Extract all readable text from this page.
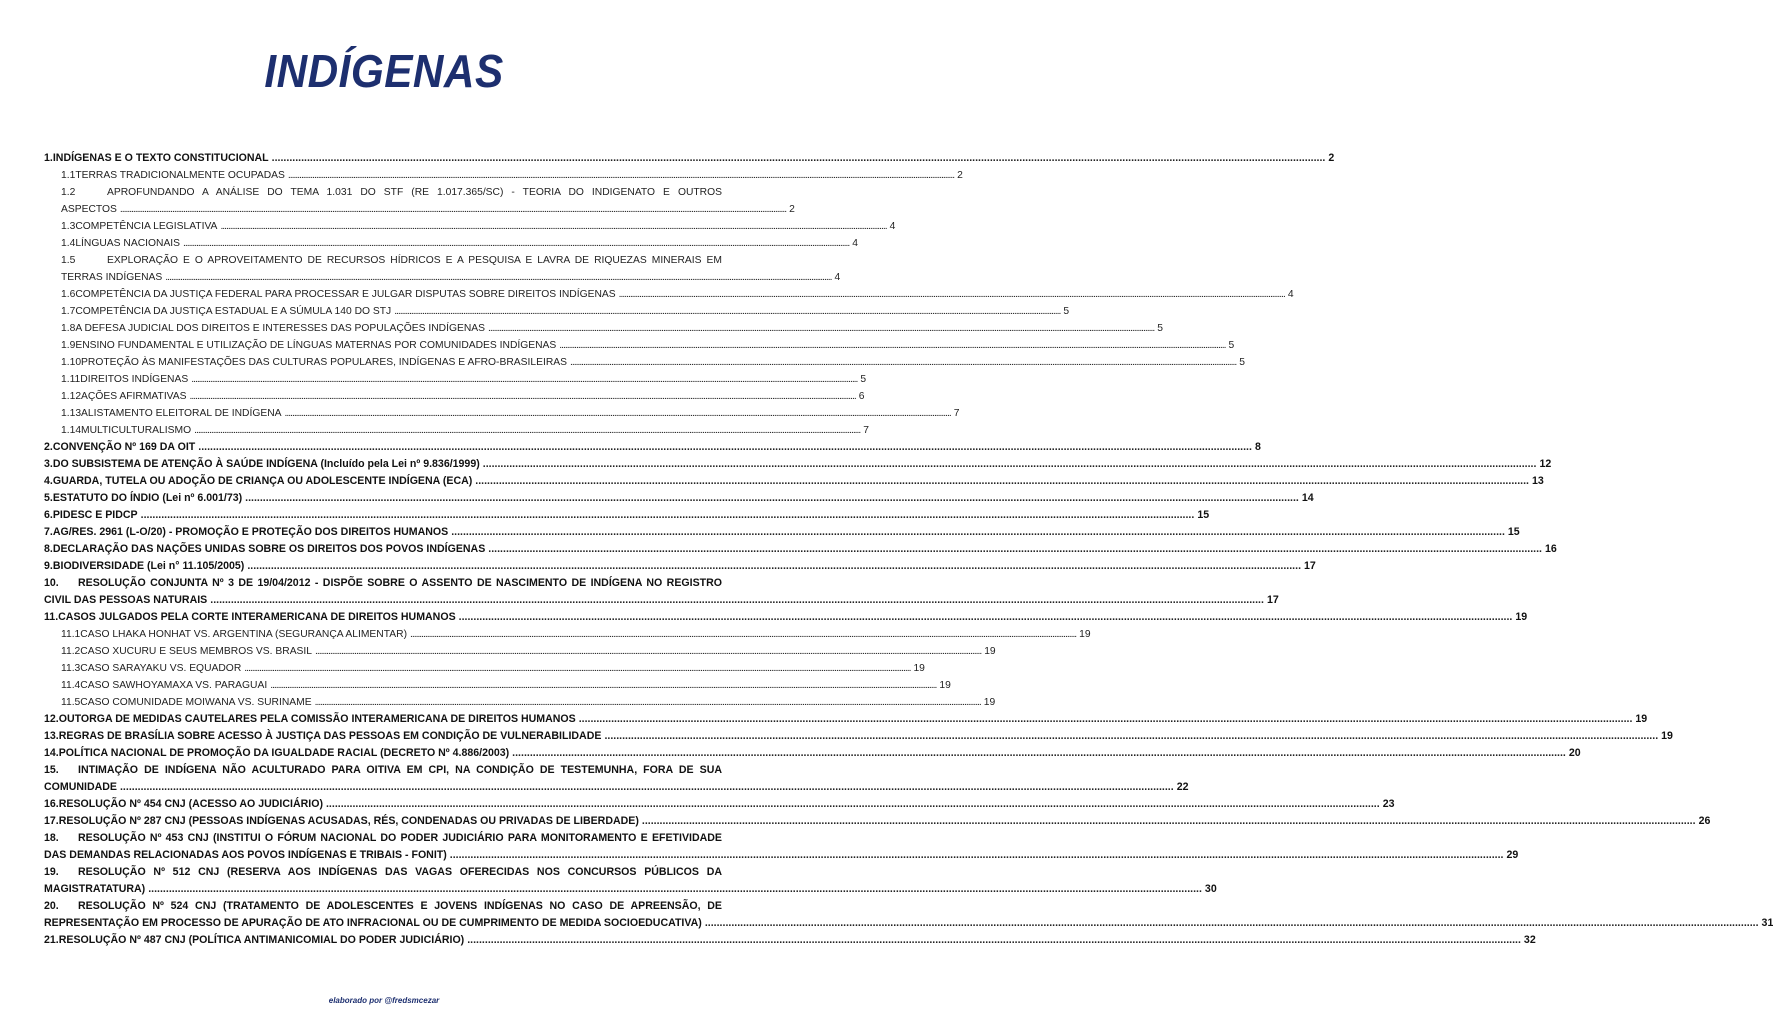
INDÍGENAS
1. INDÍGENAS E O TEXTO CONSTITUCIONAL .....	2
1.1 TERRAS TRADICIONALMENTE OCUPADAS .....	2
1.2	APROFUNDANDO A ANÁLISE DO TEMA 1.031 DO STF (RE 1.017.365/SC) - TEORIA DO INDIGENATO E OUTROS
ASPECTOS .....	2
1.3 COMPETÊNCIA LEGISLATIVA .....	4
1.4 LÍNGUAS NACIONAIS .....	4
1.5	EXPLORAÇÃO E O APROVEITAMENTO DE RECURSOS HÍDRICOS E A PESQUISA E LAVRA DE RIQUEZAS MINERAIS EM
TERRAS INDÍGENAS .....	4
1.6 COMPETÊNCIA DA JUSTIÇA FEDERAL PARA PROCESSAR E JULGAR DISPUTAS SOBRE DIREITOS INDÍGENAS .....	4
1.7 COMPETÊNCIA DA JUSTIÇA ESTADUAL E A SÚMULA 140 DO STJ .....	5
1.8 A DEFESA JUDICIAL DOS DIREITOS E INTERESSES DAS POPULAÇÕES INDÍGENAS .....	5
1.9 ENSINO FUNDAMENTAL E UTILIZAÇÃO DE LÍNGUAS MATERNAS POR COMUNIDADES INDÍGENAS .....	5
1.10 PROTEÇÃO ÀS MANIFESTAÇÕES DAS CULTURAS POPULARES, INDÍGENAS E AFRO-BRASILEIRAS .....	5
1.11 DIREITOS INDÍGENAS .....	5
1.12 AÇÕES AFIRMATIVAS .....	6
1.13 ALISTAMENTO ELEITORAL DE INDÍGENA .....	7
1.14 MULTICULTURALISMO .....	7
2. CONVENÇÃO Nº 169 DA OIT .....	8
3. DO SUBSISTEMA DE ATENÇÃO À SAÚDE INDÍGENA (Incluído pela Lei nº 9.836/1999) .....	12
4. GUARDA, TUTELA OU ADOÇÃO DE CRIANÇA OU ADOLESCENTE INDÍGENA (ECA) .....	13
5. ESTATUTO DO ÍNDIO (Lei nº 6.001/73) .....	14
6. PIDESC E PIDCP .....	15
7. AG/RES. 2961 (L-O/20) - PROMOÇÃO E PROTEÇÃO DOS DIREITOS HUMANOS .....	15
8. DECLARAÇÃO DAS NAÇÕES UNIDAS SOBRE OS DIREITOS DOS POVOS INDÍGENAS .....	16
9. BIODIVERSIDADE (Lei n° 11.105/2005) .....	17
10.	RESOLUÇÃO CONJUNTA Nº 3 DE 19/04/2012 - DISPÕE SOBRE O ASSENTO DE NASCIMENTO DE INDÍGENA NO REGISTRO
CIVIL DAS PESSOAS NATURAIS .....	17
11. CASOS JULGADOS PELA CORTE INTERAMERICANA DE DIREITOS HUMANOS .....	19
11.1 CASO LHAKA HONHAT VS. ARGENTINA (SEGURANÇA ALIMENTAR) .....	19
11.2 CASO XUCURU E SEUS MEMBROS VS. BRASIL .....	19
11.3 CASO SARAYAKU VS. EQUADOR .....	19
11.4 CASO SAWHOYAMAXA VS. PARAGUAI .....	19
11.5 CASO COMUNIDADE MOIWANA VS. SURINAME .....	19
12. OUTORGA DE MEDIDAS CAUTELARES PELA COMISSÃO INTERAMERICANA DE DIREITOS HUMANOS .....	19
13. REGRAS DE BRASÍLIA SOBRE ACESSO À JUSTIÇA DAS PESSOAS EM CONDIÇÃO DE VULNERABILIDADE .....	19
14. POLÍTICA NACIONAL DE PROMOÇÃO DA IGUALDADE RACIAL (DECRETO Nº 4.886/2003) .....	20
15.	INTIMAÇÃO DE INDÍGENA NÃO ACULTURADO PARA OITIVA EM CPI, NA CONDIÇÃO DE TESTEMUNHA, FORA DE SUA
COMUNIDADE .....	22
16. RESOLUÇÃO Nº 454 CNJ (ACESSO AO JUDICIÁRIO) .....	23
17. RESOLUÇÃO Nº 287 CNJ (PESSOAS INDÍGENAS ACUSADAS, RÉS, CONDENADAS OU PRIVADAS DE LIBERDADE) .....	26
18.	RESOLUÇÃO Nº 453 CNJ (INSTITUI O FÓRUM NACIONAL DO PODER JUDICIÁRIO PARA MONITORAMENTO E EFETIVIDADE
DAS DEMANDAS RELACIONADAS AOS POVOS INDÍGENAS E TRIBAIS - FONIT) .....	29
19.	RESOLUÇÃO Nº 512 CNJ (RESERVA AOS INDÍGENAS DAS VAGAS OFERECIDAS NOS CONCURSOS PÚBLICOS DA
MAGISTRATATURA) .....	30
20.	RESOLUÇÃO Nº 524 CNJ (TRATAMENTO DE ADOLESCENTES E JOVENS INDÍGENAS NO CASO DE APREENSÃO, DE
REPRESENTAÇÃO EM PROCESSO DE APURAÇÃO DE ATO INFRACIONAL OU DE CUMPRIMENTO DE MEDIDA SOCIOEDUCATIVA) .....	31
21. RESOLUÇÃO Nº 487 CNJ (POLÍTICA ANTIMANICOMIAL DO PODER JUDICIÁRIO) .....	32
elaborado por @fredsmcezar
